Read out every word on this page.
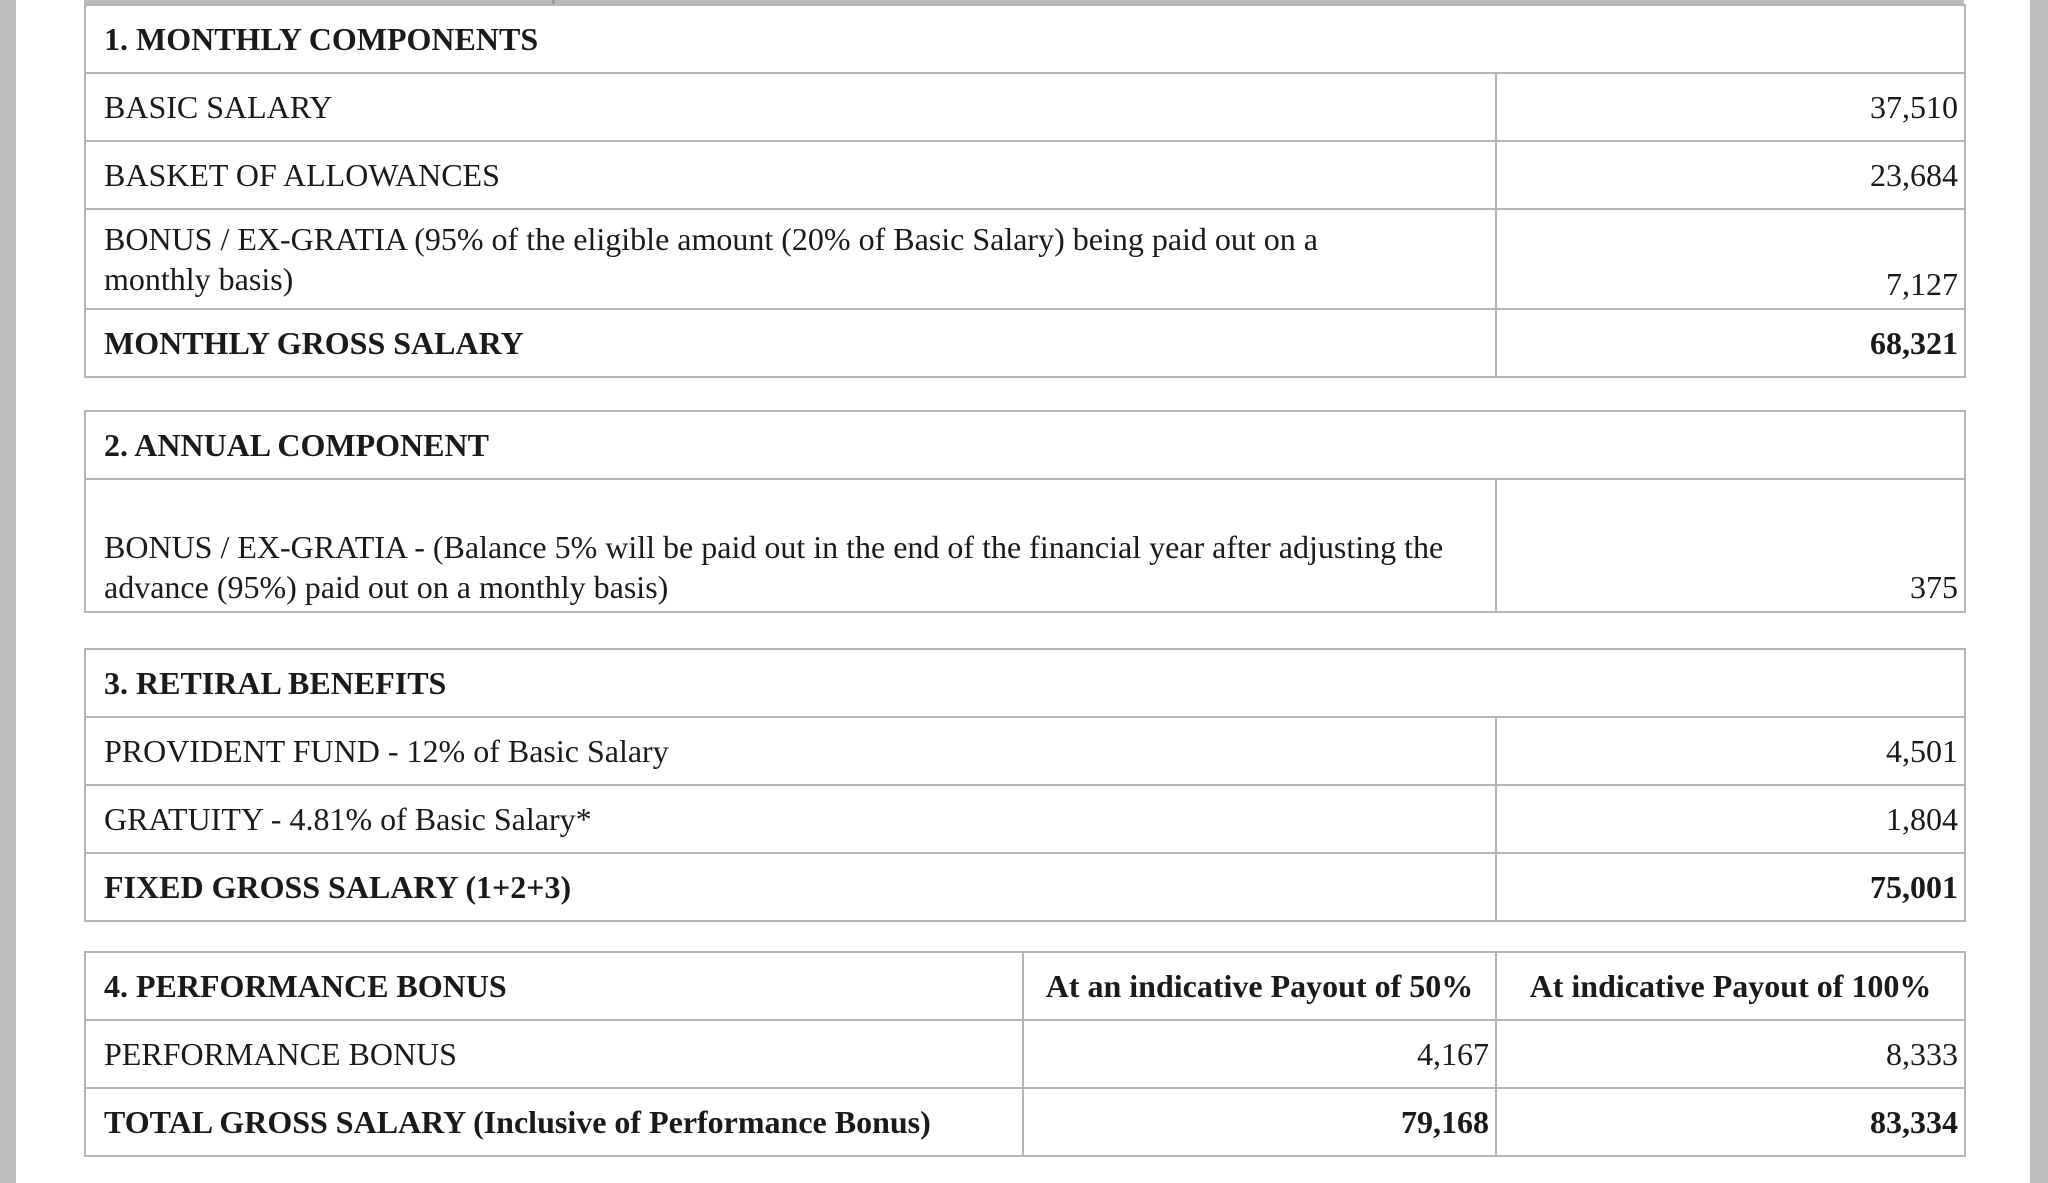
1. MONTHLY COMPONENTS	
BASIC SALARY	37,510
BASKET OF ALLOWANCES	23,684
BONUS / EX-GRATIA (95% of the eligible amount (20% of Basic Salary) being paid out on a monthly basis)	7,127
MONTHLY GROSS SALARY	68,321
2. ANNUAL COMPONENT
BONUS / EX-GRATIA - (Balance 5% will be paid out in the end of the financial year after adjusting the advance (95%) paid out on a monthly basis)	375
3. RETIRAL BENEFITS	
PROVIDENT FUND - 12% of Basic Salary	4,501
GRATUITY - 4.81% of Basic Salary*	1,804
FIXED GROSS SALARY (1+2+3)	75,001
4. PERFORMANCE BONUS	At an indicative Payout of 50%	At indicative Payout of 100%
PERFORMANCE BONUS	4,167	8,333
TOTAL GROSS SALARY (Inclusive of Performance Bonus)	79,168	83,334
